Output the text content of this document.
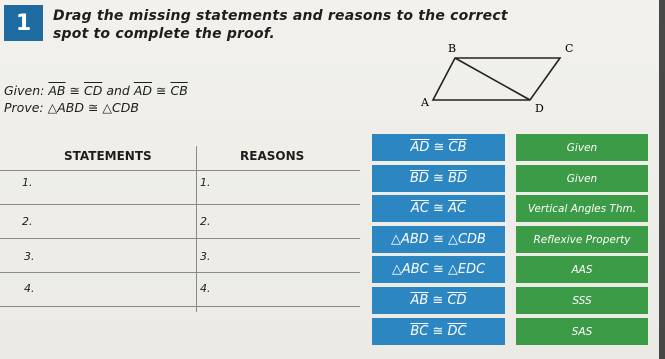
1	Drag the missing statements and reasons to the correct spot to complete the proof.
Given: $\overline{AB}$ ≅ $\overline{CD}$ and $\overline{AD}$ ≅ $\overline{CB}$
Prove: △ABD ≅ △CDB
B	C
A	D
STATEMENTS	REASONS
1.	1.
2.	2.
3.	3.
4.	4.
$\overline{AD}$
≅
$\overline{CB}$
$\overline{BD}$
≅
$\overline{BD}$
$\overline{AC}$
≅
$\overline{AC}$
△ABD ≅ △CDB
△ABC ≅ △EDC
$\overline{AB}$
≅
$\overline{CD}$
$\overline{BC}$
≅
$\overline{DC}$
Given
Given
Vertical Angles Thm.
Reflexive Property
AAS
SSS
SAS
